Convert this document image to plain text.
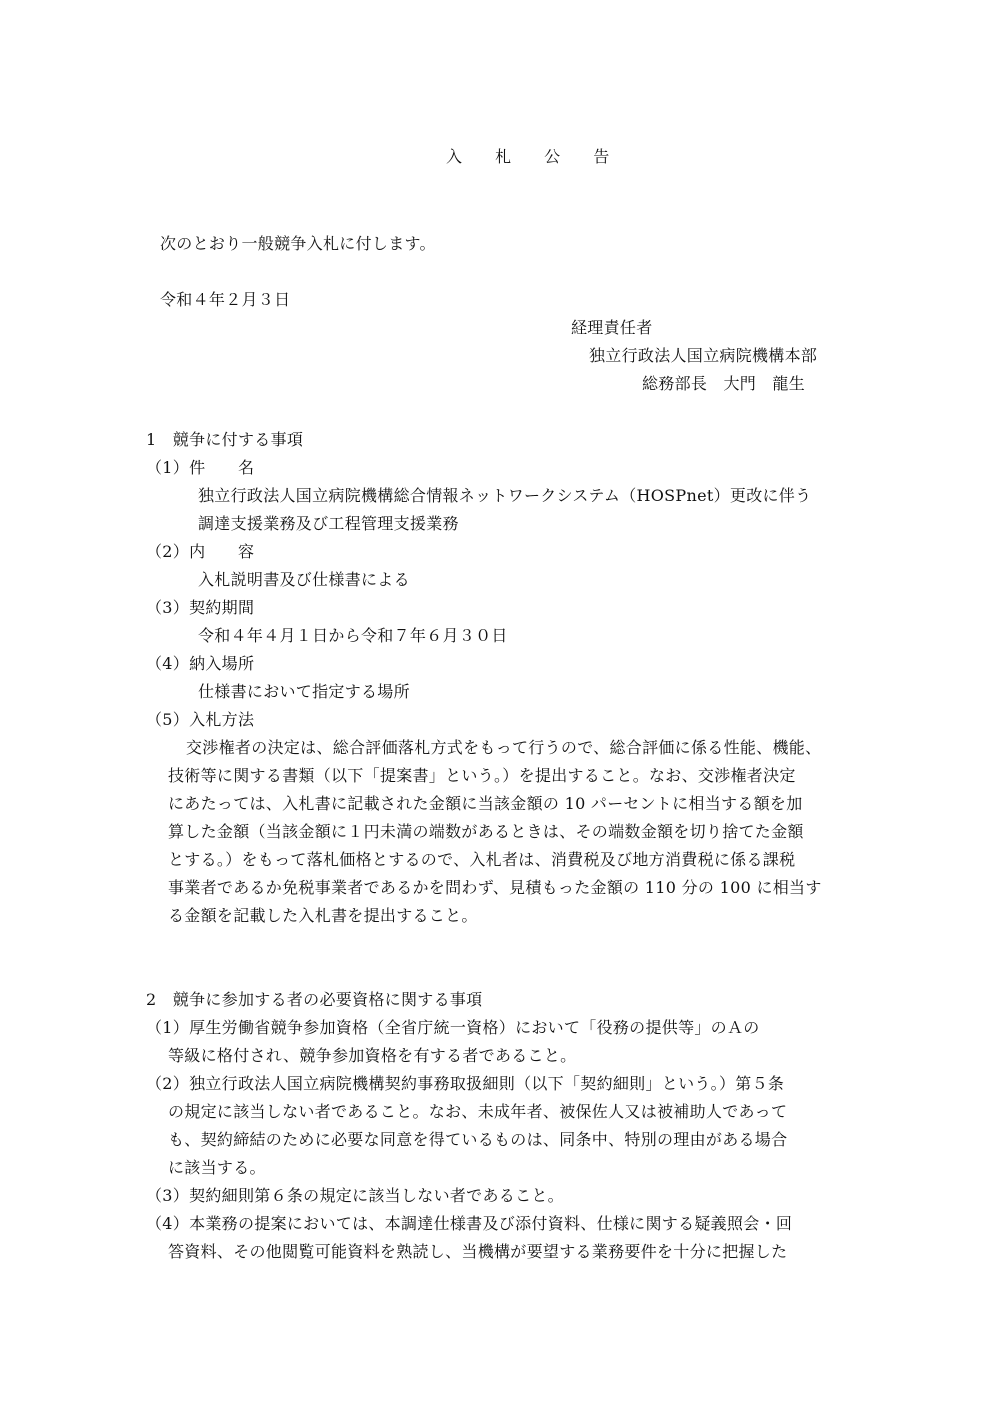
入 札 公 告
次のとおり一般競争入札に付します。
令和４年２月３日
経理責任者
独立行政法人国立病院機構本部
総務部長　大門　龍生
1　競争に付する事項
（1）件　　名
独立行政法人国立病院機構総合情報ネットワークシステム（HOSPnet）更改に伴う
調達支援業務及び工程管理支援業務
（2）内　　容
入札説明書及び仕様書による
（3）契約期間
令和４年４月１日から令和７年６月３０日
（4）納入場所
仕様書において指定する場所
（5）入札方法
交渉権者の決定は、総合評価落札方式をもって行うので、総合評価に係る性能、機能、
技術等に関する書類（以下「提案書」という。）を提出すること。なお、交渉権者決定
にあたっては、入札書に記載された金額に当該金額の 10 パーセントに相当する額を加
算した金額（当該金額に１円未満の端数があるときは、その端数金額を切り捨てた金額
とする。）をもって落札価格とするので、入札者は、消費税及び地方消費税に係る課税
事業者であるか免税事業者であるかを問わず、見積もった金額の 110 分の 100 に相当す
る金額を記載した入札書を提出すること。
2　競争に参加する者の必要資格に関する事項
（1）厚生労働省競争参加資格（全省庁統一資格）において「役務の提供等」のＡの
等級に格付され、競争参加資格を有する者であること。
（2）独立行政法人国立病院機構契約事務取扱細則（以下「契約細則」という。）第５条
の規定に該当しない者であること。なお、未成年者、被保佐人又は被補助人であって
も、契約締結のために必要な同意を得ているものは、同条中、特別の理由がある場合
に該当する。
（3）契約細則第６条の規定に該当しない者であること。
（4）本業務の提案においては、本調達仕様書及び添付資料、仕様に関する疑義照会・回
答資料、その他閲覧可能資料を熟読し、当機構が要望する業務要件を十分に把握した
